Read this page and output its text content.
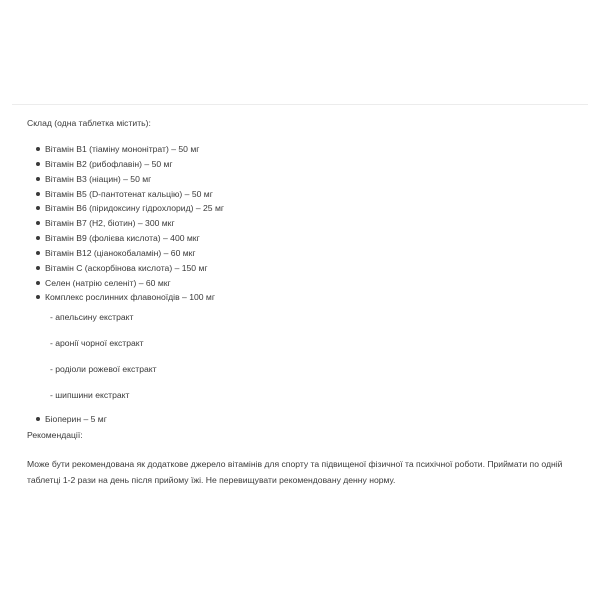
Склад (одна таблетка містить):

Вітамін В1 (тіаміну мононітрат) – 50 мг
Вітамін В2 (рибофлавін) – 50 мг
Вітамін В3 (ніацин) – 50 мг
Вітамін В5 (D-пантотенат кальцію) – 50 мг
Вітамін В6 (піридоксину гідрохлорид) – 25 мг
Вітамін В7 (Н2, біотин) – 300 мкг
Вітамін В9 (фолієва кислота) – 400 мкг
Вітамін В12 (ціанокобаламін) – 60 мкг
Вітамін С (аскорбінова кислота) – 150 мг
Селен (натрію селеніт) – 60 мкг
Комплекс рослинних флавоноїдів – 100 мг
- апельсину екстракт
- аронії чорної екстракт
- родіоли рожевої екстракт
- шипшини екстракт
Біоперин – 5 мг

Рекомендації:

Може бути рекомендована як додаткове джерело вітамінів для спорту та підвищеної фізичної та психічної роботи. Приймати по одній таблетці 1-2 рази на день після прийому їжі. Не перевищувати рекомендовану денну норму.
